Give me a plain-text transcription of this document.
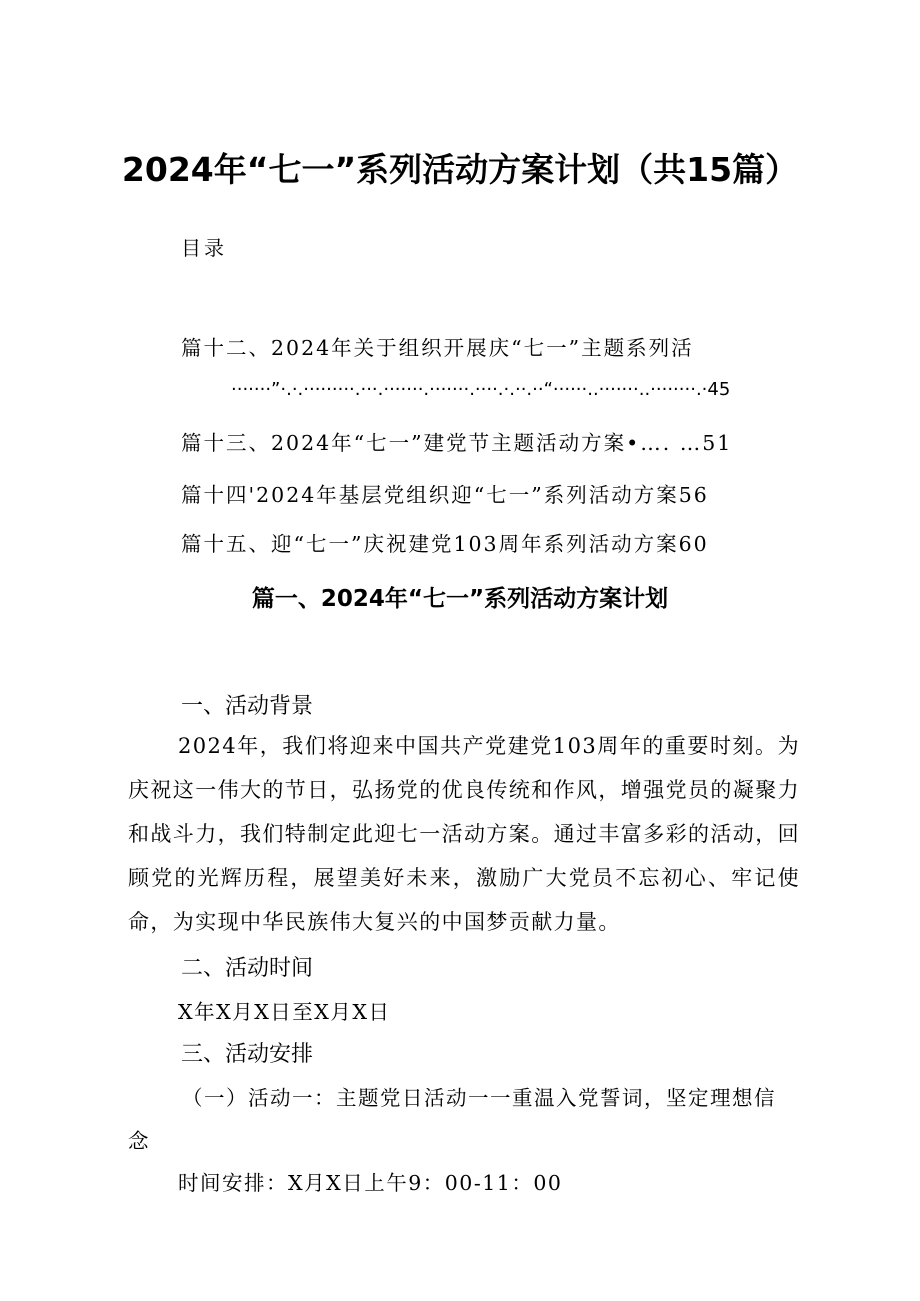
2024年“七一”系列活动方案计划（共15篇）
目录
篇十二、2024年关于组织开展庆“七一”主题系列活
·······”·.·.·········.···.·······.·······.····.·.··.··“······..·······..········.·45
篇十三、2024年“七一”建党节主题活动方案•…. …51
篇十四'2024年基层党组织迎“七一”系列活动方案56
篇十五、迎“七一”庆祝建党103周年系列活动方案60
篇一、2024年“七一”系列活动方案计划
一、活动背景
2024年，我们将迎来中国共产党建党103周年的重要时刻。为庆祝这一伟大的节日，弘扬党的优良传统和作风，增强党员的凝聚力和战斗力，我们特制定此迎七一活动方案。通过丰富多彩的活动，回顾党的光辉历程，展望美好未来，激励广大党员不忘初心、牢记使命，为实现中华民族伟大复兴的中国梦贡献力量。
二、活动时间
X年X月X日至X月X日
三、活动安排
（一）活动一：主题党日活动一一重温入党誓词，坚定理想信
念
时间安排：X月X日上午9：00-11：00
